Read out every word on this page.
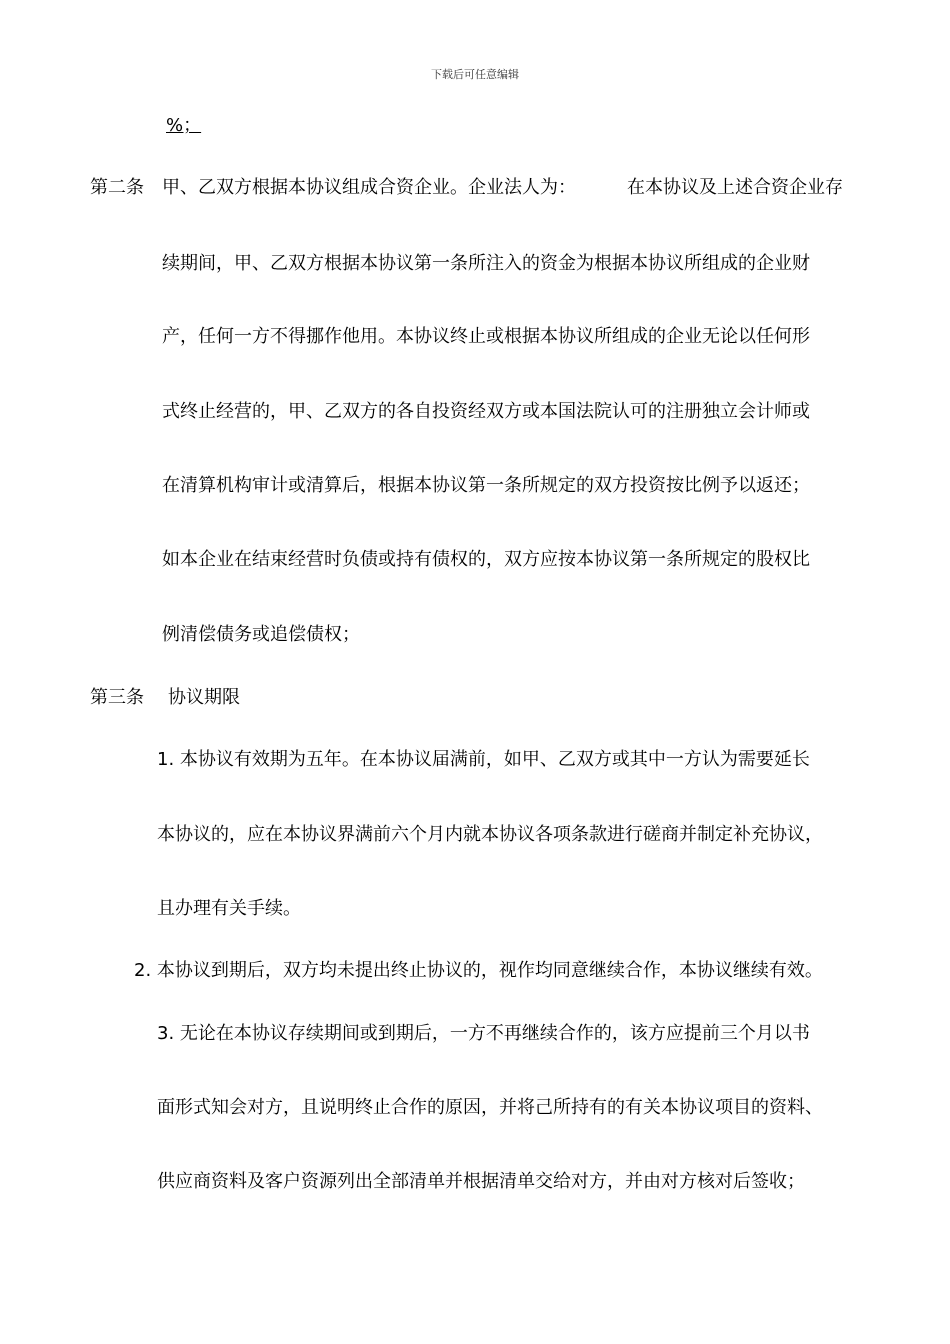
下载后可任意编辑
%；
第二条 甲、乙双方根据本协议组成合资企业。企业法人为：	在本协议及上述合资企业存
续期间，甲、乙双方根据本协议第一条所注入的资金为根据本协议所组成的企业财
产，任何一方不得挪作他用。本协议终止或根据本协议所组成的企业无论以任何形
式终止经营的，甲、乙双方的各自投资经双方或本国法院认可的注册独立会计师或
在清算机构审计或清算后，根据本协议第一条所规定的双方投资按比例予以返还；
如本企业在结束经营时负债或持有债权的，双方应按本协议第一条所规定的股权比
例清偿债务或追偿债权；
第三条 协议期限
1. 本协议有效期为五年。在本协议届满前，如甲、乙双方或其中一方认为需要延长
本协议的，应在本协议界满前六个月内就本协议各项条款进行磋商并制定补充协议，
且办理有关手续。
2. 本协议到期后，双方均未提出终止协议的，视作均同意继续合作，本协议继续有效。
3. 无论在本协议存续期间或到期后，一方不再继续合作的，该方应提前三个月以书
面形式知会对方，且说明终止合作的原因，并将己所持有的有关本协议项目的资料、
供应商资料及客户资源列出全部清单并根据清单交给对方，并由对方核对后签收；
